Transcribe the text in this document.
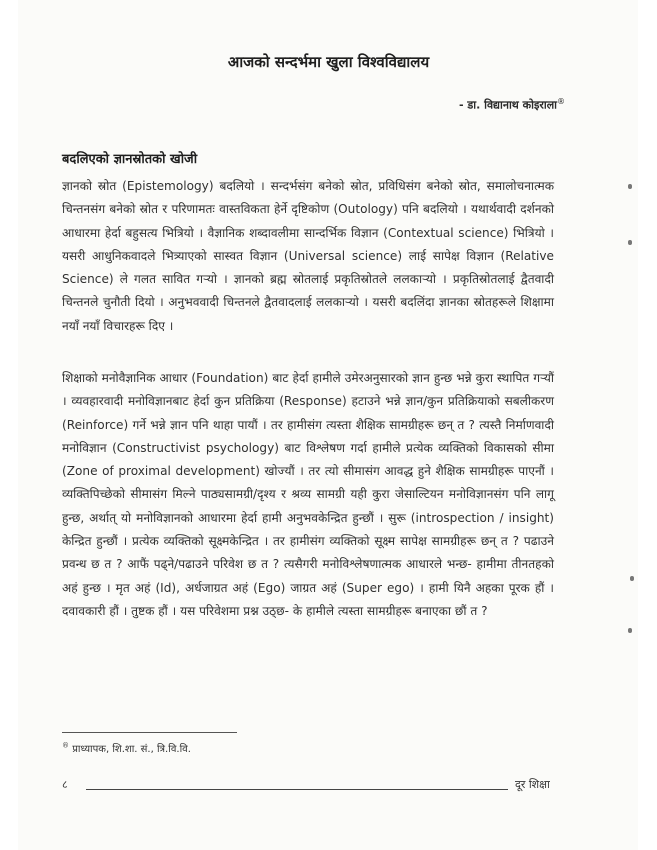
आजको सन्दर्भमा खुला विश्वविद्यालय
- डा. विद्यानाथ कोइराला®
बदलिएको ज्ञानस्रोतको खोजी
ज्ञानको स्रोत (Epistemology) बदलियो । सन्दर्भसंग बनेको स्रोत, प्रविधिसंग बनेको स्रोत, समालोचनात्मक चिन्तनसंग बनेको स्रोत र परिणामतः वास्तविकता हेर्ने दृष्टिकोण (Outology) पनि बदलियो । यथार्थवादी दर्शनको आधारमा हेर्दा बहुसत्य भित्रियो । वैज्ञानिक शब्दावलीमा सान्दर्भिक विज्ञान (Contextual science) भित्रियो । यसरी आधुनिकवादले भित्र्याएको सास्वत विज्ञान (Universal science) लाई सापेक्ष विज्ञान (Relative Science) ले गलत सावित गऱ्यो । ज्ञानको ब्रह्म स्रोतलाई प्रकृतिस्रोतले ललकाऱ्यो । प्रकृतिस्रोतलाई द्वैतवादी चिन्तनले चुनौती दियो । अनुभववादी चिन्तनले द्वैतवादलाई ललकाऱ्यो । यसरी बदलिंदा ज्ञानका स्रोतहरूले शिक्षामा नयाँ नयाँ विचारहरू दिए ।
शिक्षाको मनोवैज्ञानिक आधार (Foundation) बाट हेर्दा हामीले उमेरअनुसारको ज्ञान हुन्छ भन्ने कुरा स्थापित गऱ्यौं । व्यवहारवादी मनोविज्ञानबाट हेर्दा कुन प्रतिक्रिया (Response) हटाउने भन्ने ज्ञान/कुन प्रतिक्रियाको सबलीकरण (Reinforce) गर्ने भन्ने ज्ञान पनि थाहा पायौं । तर हामीसंग त्यस्ता शैक्षिक सामग्रीहरू छन् त ? त्यस्तै निर्माणवादी मनोविज्ञान (Constructivist psychology) बाट विश्लेषण गर्दा हामीले प्रत्येक व्यक्तिको विकासको सीमा (Zone of proximal development) खोज्यौं । तर त्यो सीमासंग आवद्ध हुने शैक्षिक सामग्रीहरू पाएनौं । व्यक्तिपिच्छेको सीमासंग मिल्ने पाठ्यसामग्री/दृश्य र श्रव्य सामग्री यही कुरा जेसाल्टियन मनोविज्ञानसंग पनि लागू हुन्छ, अर्थात् यो मनोविज्ञानको आधारमा हेर्दा हामी अनुभवकेन्द्रित हुन्छौं । सुरू (introspection / insight) केन्द्रित हुन्छौं । प्रत्येक व्यक्तिको सूक्ष्मकेन्द्रित । तर हामीसंग व्यक्तिको सूक्ष्म सापेक्ष सामग्रीहरू छन् त ? पढाउने प्रवन्ध छ त ? आफैं पढ्ने/पढाउने परिवेश छ त ? त्यसैगरी मनोविश्लेषणात्मक आधारले भन्छ- हामीमा तीनतहको अहं हुन्छ । मृत अहं (Id), अर्धजाग्रत अहं (Ego) जाग्रत अहं (Super ego) । हामी यिनै अहका पूरक हौं । दवावकारी हौं । तुष्टक हौं । यस परिवेशमा प्रश्न उठ्छ- के हामीले त्यस्ता सामग्रीहरू बनाएका छौं त ?
® प्राध्यापक, शि.शा. सं., त्रि.वि.वि.
८	दूर शिक्षा
